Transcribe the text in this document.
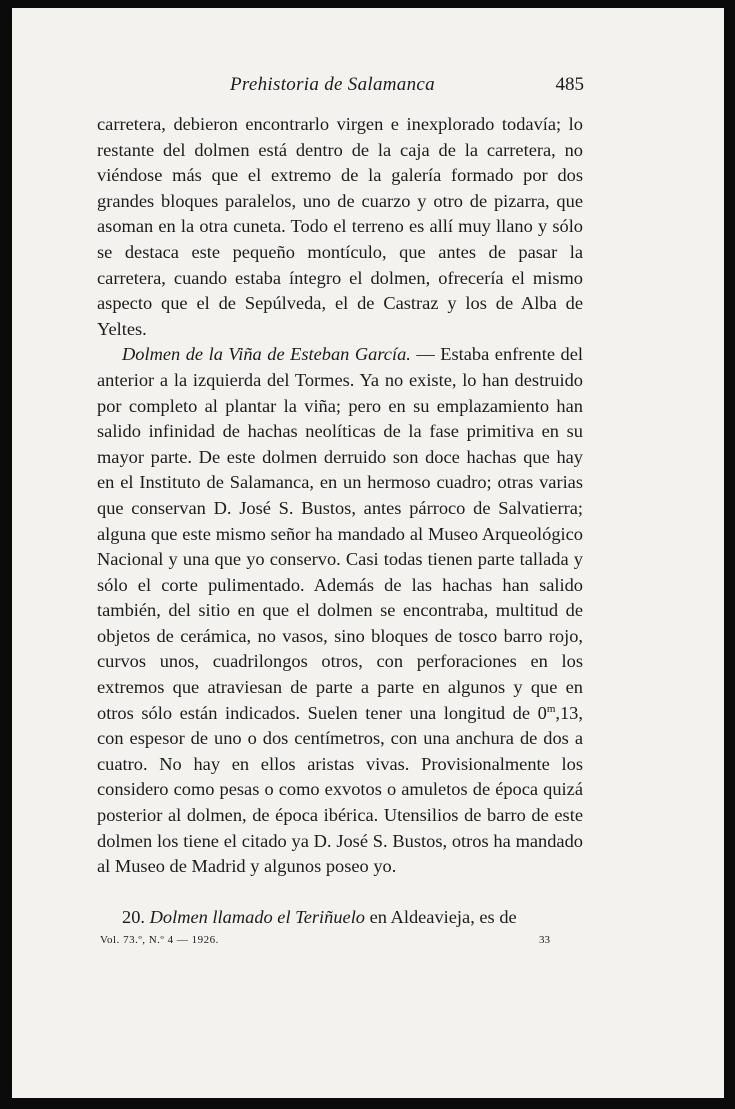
Prehistoria de Salamanca	485

carretera, debieron encontrarlo virgen e inexplorado todavía; lo restante del dolmen está dentro de la caja de la carretera, no viéndose más que el extremo de la galería formado por dos grandes bloques paralelos, uno de cuarzo y otro de pizarra, que asoman en la otra cuneta. Todo el terreno es allí muy llano y sólo se destaca este pequeño montículo, que antes de pasar la carretera, cuando estaba íntegro el dolmen, ofrecería el mismo aspecto que el de Sepúlveda, el de Castraz y los de Alba de Yeltes.

Dolmen de la Viña de Esteban García. — Estaba enfrente del anterior a la izquierda del Tormes. Ya no existe, lo han destruido por completo al plantar la viña; pero en su emplazamiento han salido infinidad de hachas neolíticas de la fase primitiva en su mayor parte. De este dolmen derruido son doce hachas que hay en el Instituto de Salamanca, en un hermoso cuadro; otras varias que conservan D. José S. Bustos, antes párroco de Salvatierra; alguna que este mismo señor ha mandado al Museo Arqueológico Nacional y una que yo conservo. Casi todas tienen parte tallada y sólo el corte pulimentado. Además de las hachas han salido también, del sitio en que el dolmen se encontraba, multitud de objetos de cerámica, no vasos, sino bloques de tosco barro rojo, curvos unos, cuadrilongos otros, con perforaciones en los extremos que atraviesan de parte a parte en algunos y que en otros sólo están indicados. Suelen tener una longitud de 0$^m$,13, con espesor de uno o dos centímetros, con una anchura de dos a cuatro. No hay en ellos aristas vivas. Provisionalmente los considero como pesas o como exvotos o amuletos de época quizá posterior al dolmen, de época ibérica. Utensilios de barro de este dolmen los tiene el citado ya D. José S. Bustos, otros ha mandado al Museo de Madrid y algunos poseo yo.

20. Dolmen llamado el Teriñuelo en Aldeavieja, es de
Vol. 73.º, N.º 4 — 1926.	33
